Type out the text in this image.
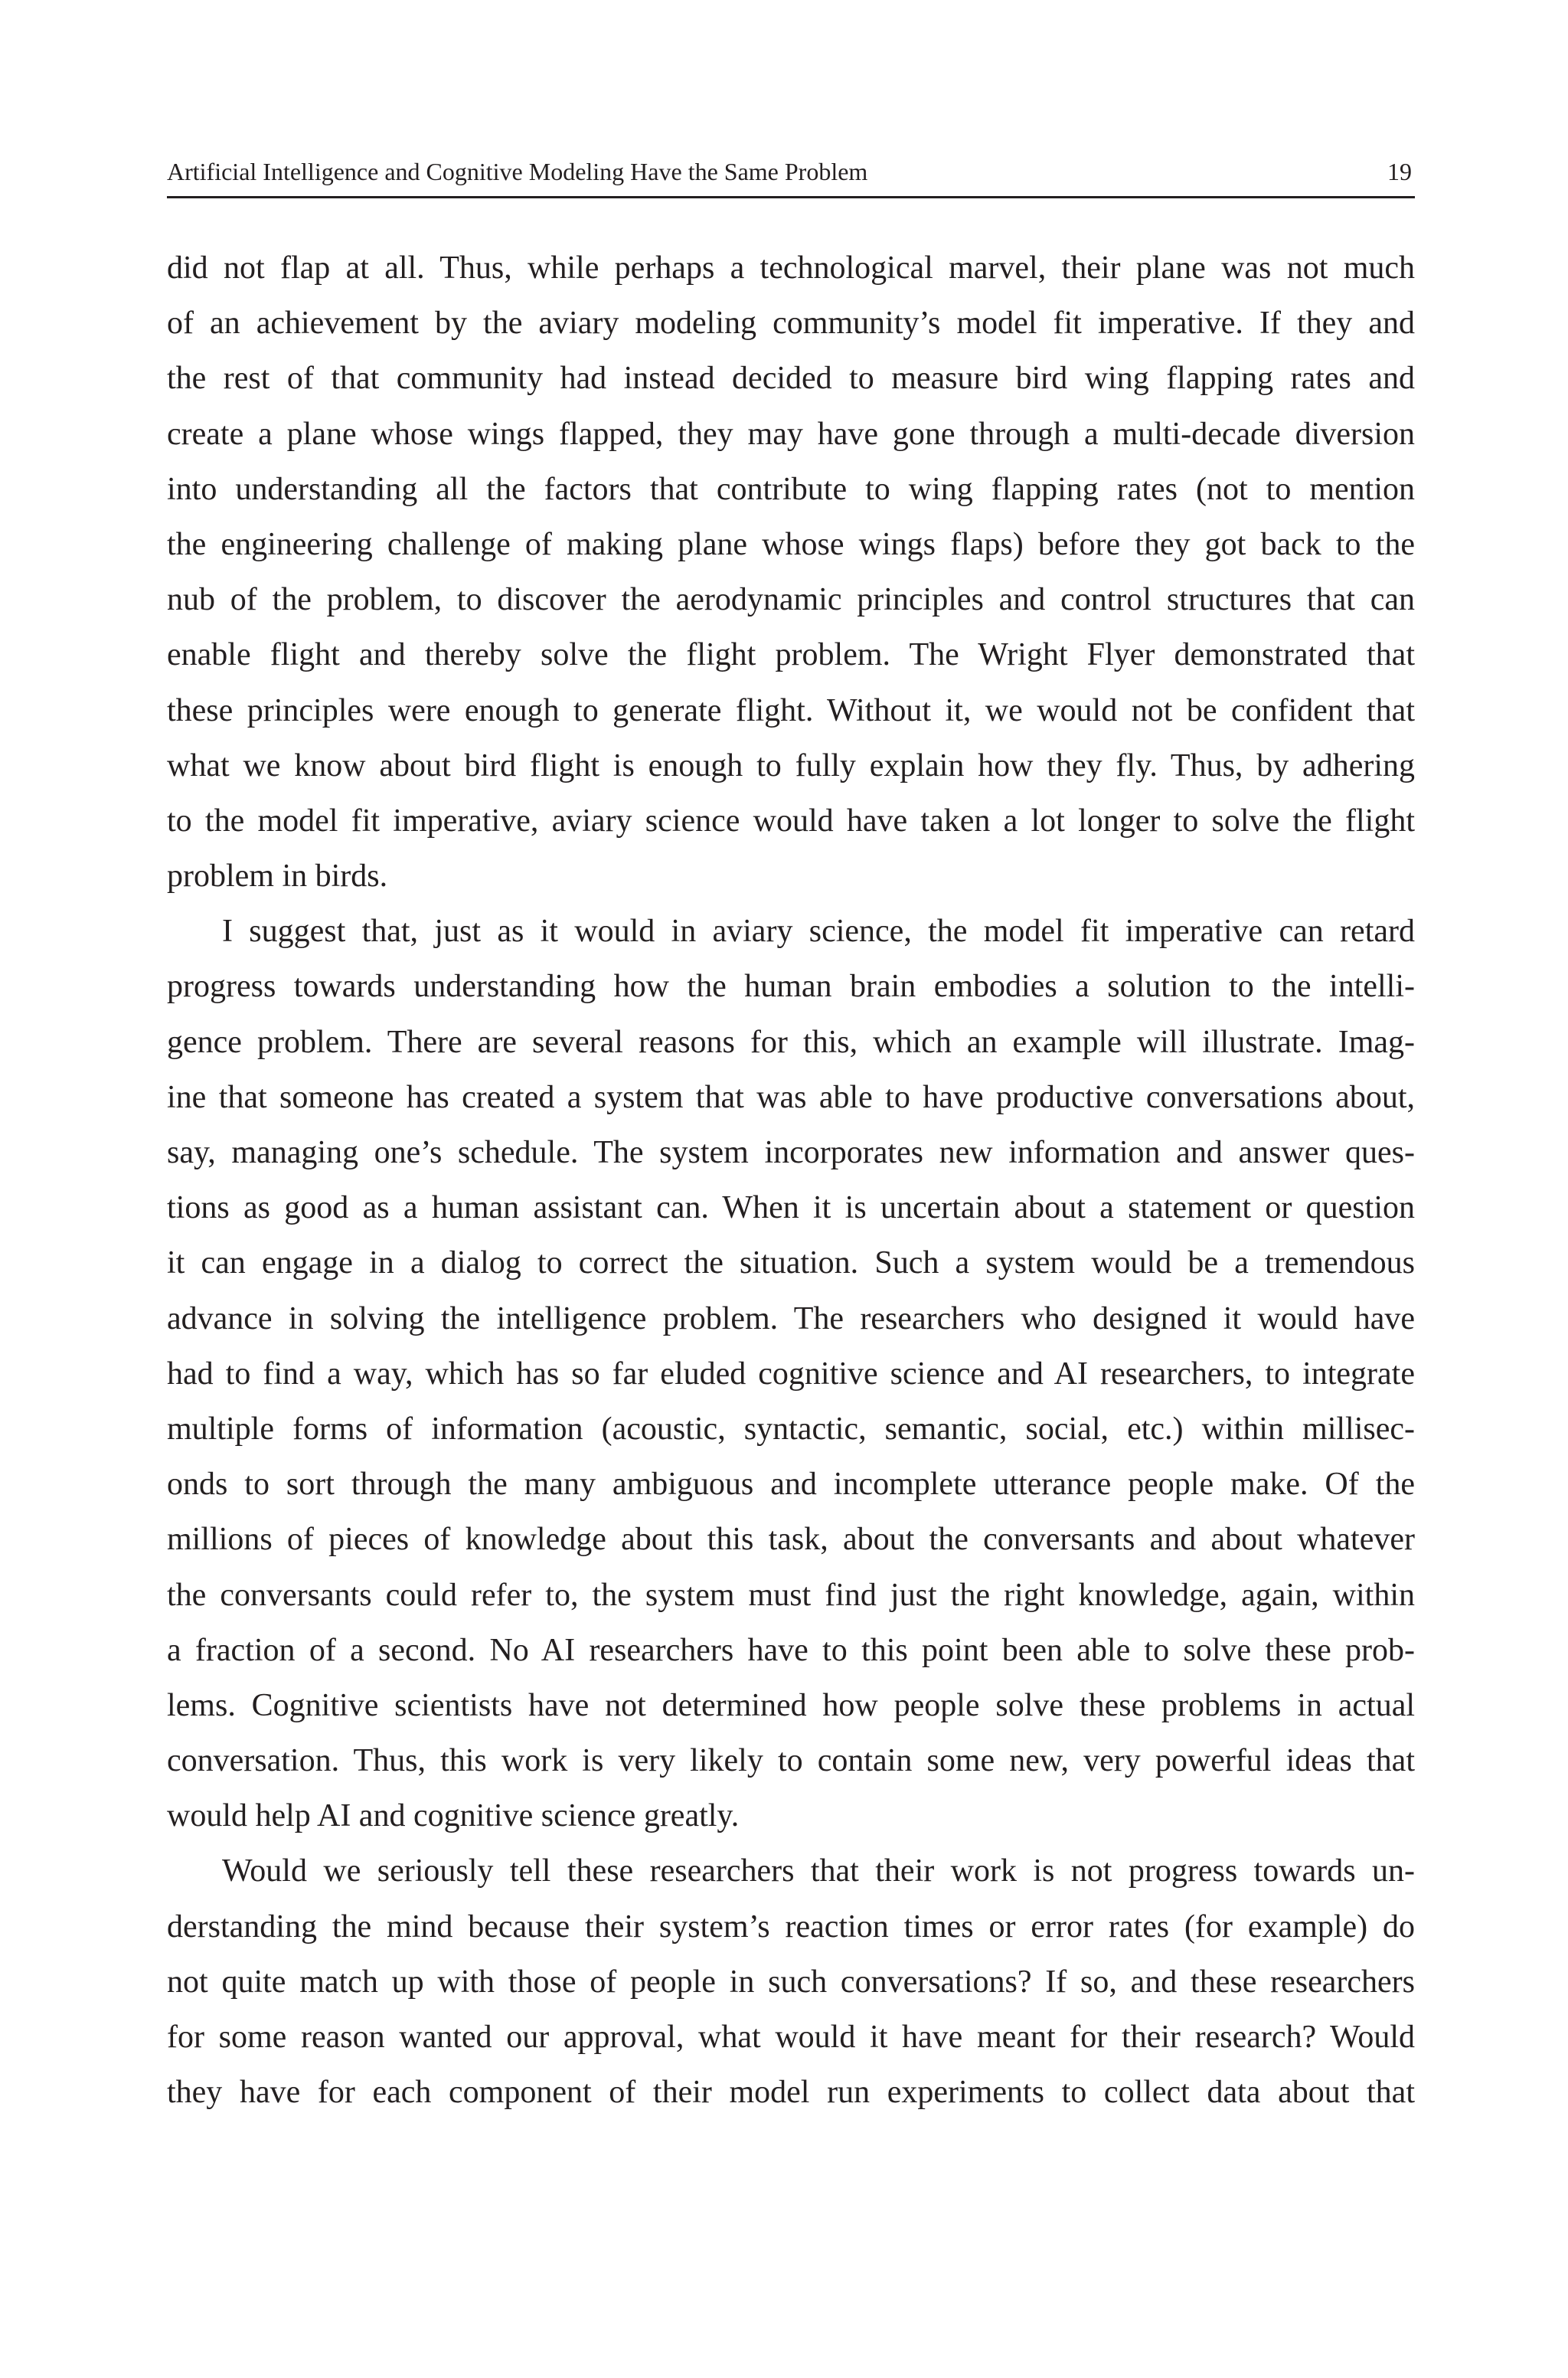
Artificial Intelligence and Cognitive Modeling Have the Same Problem	19
did not flap at all. Thus, while perhaps a technological marvel, their plane was not much
of an achievement by the aviary modeling community’s model fit imperative. If they and
the rest of that community had instead decided to measure bird wing flapping rates and
create a plane whose wings flapped, they may have gone through a multi-decade diversion
into understanding all the factors that contribute to wing flapping rates (not to mention
the engineering challenge of making plane whose wings flaps) before they got back to the
nub of the problem, to discover the aerodynamic principles and control structures that can
enable flight and thereby solve the flight problem. The Wright Flyer demonstrated that
these principles were enough to generate flight. Without it, we would not be confident that
what we know about bird flight is enough to fully explain how they fly. Thus, by adhering
to the model fit imperative, aviary science would have taken a lot longer to solve the flight
problem in birds.
I suggest that, just as it would in aviary science, the model fit imperative can retard
progress towards understanding how the human brain embodies a solution to the intelli-
gence problem. There are several reasons for this, which an example will illustrate. Imag-
ine that someone has created a system that was able to have productive conversations about,
say, managing one’s schedule. The system incorporates new information and answer ques-
tions as good as a human assistant can. When it is uncertain about a statement or question
it can engage in a dialog to correct the situation. Such a system would be a tremendous
advance in solving the intelligence problem. The researchers who designed it would have
had to find a way, which has so far eluded cognitive science and AI researchers, to integrate
multiple forms of information (acoustic, syntactic, semantic, social, etc.) within millisec-
onds to sort through the many ambiguous and incomplete utterance people make. Of the
millions of pieces of knowledge about this task, about the conversants and about whatever
the conversants could refer to, the system must find just the right knowledge, again, within
a fraction of a second. No AI researchers have to this point been able to solve these prob-
lems. Cognitive scientists have not determined how people solve these problems in actual
conversation. Thus, this work is very likely to contain some new, very powerful ideas that
would help AI and cognitive science greatly.
Would we seriously tell these researchers that their work is not progress towards un-
derstanding the mind because their system’s reaction times or error rates (for example) do
not quite match up with those of people in such conversations? If so, and these researchers
for some reason wanted our approval, what would it have meant for their research? Would
they have for each component of their model run experiments to collect data about that
